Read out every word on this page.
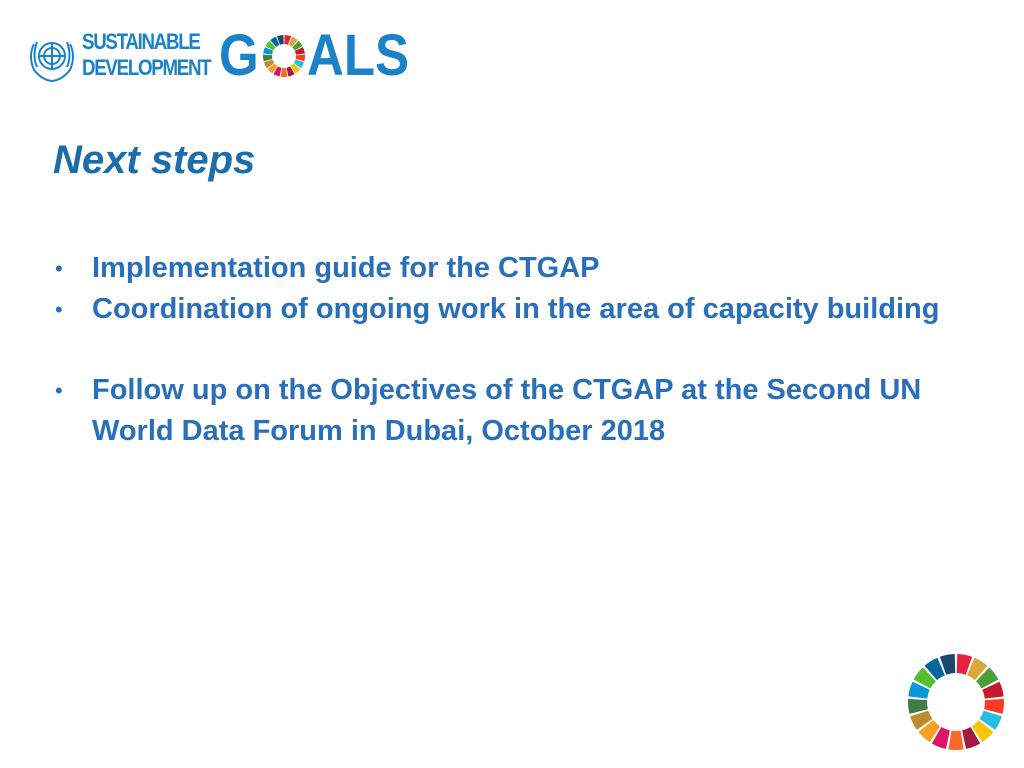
SUSTAINABLE
DEVELOPMENT G ALS
Next steps
• Implementation guide for the CTGAP
• Coordination of ongoing work in the area of capacity building
• Follow up on the Objectives of the CTGAP at the Second UN World Data Forum in Dubai, October 2018
